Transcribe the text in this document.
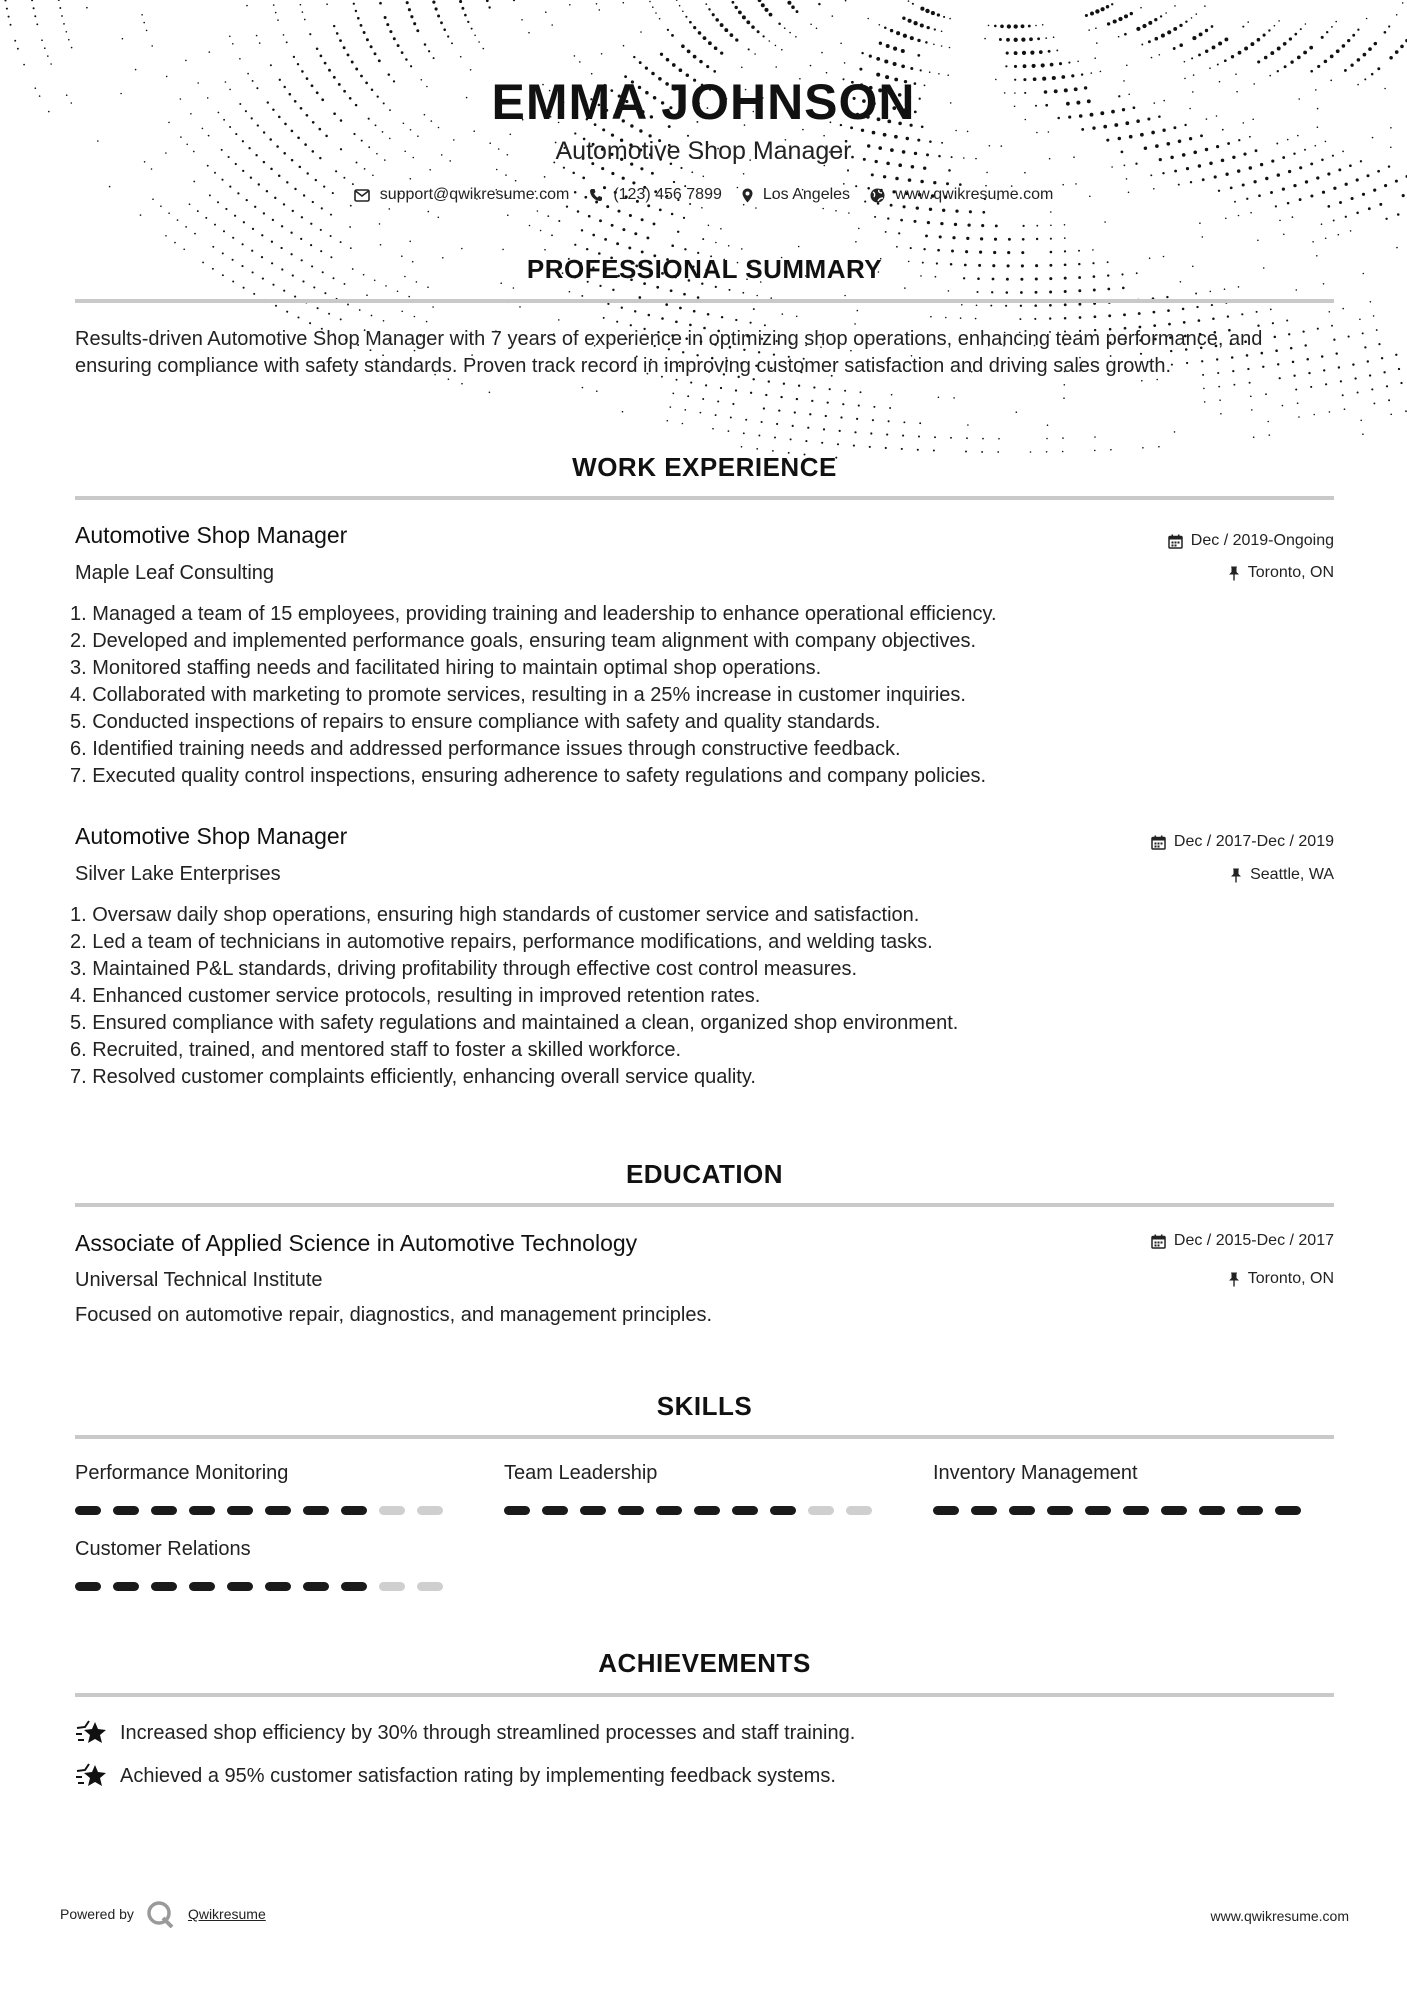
EMMA JOHNSON
Automotive Shop Manager
support@qwikresume.com	(123) 456 7899	Los Angeles	www.qwikresume.com
PROFESSIONAL SUMMARY
Results-driven Automotive Shop Manager with 7 years of experience in optimizing shop operations, enhancing team performance, and ensuring compliance with safety standards. Proven track record in improving customer satisfaction and driving sales growth.
WORK EXPERIENCE
Automotive Shop Manager
Maple Leaf Consulting
Dec / 2019-Ongoing
Toronto, ON
1. Managed a team of 15 employees, providing training and leadership to enhance operational efficiency.
2. Developed and implemented performance goals, ensuring team alignment with company objectives.
3. Monitored staffing needs and facilitated hiring to maintain optimal shop operations.
4. Collaborated with marketing to promote services, resulting in a 25% increase in customer inquiries.
5. Conducted inspections of repairs to ensure compliance with safety and quality standards.
6. Identified training needs and addressed performance issues through constructive feedback.
7. Executed quality control inspections, ensuring adherence to safety regulations and company policies.
Automotive Shop Manager
Silver Lake Enterprises
Dec / 2017-Dec / 2019
Seattle, WA
1. Oversaw daily shop operations, ensuring high standards of customer service and satisfaction.
2. Led a team of technicians in automotive repairs, performance modifications, and welding tasks.
3. Maintained P&L standards, driving profitability through effective cost control measures.
4. Enhanced customer service protocols, resulting in improved retention rates.
5. Ensured compliance with safety regulations and maintained a clean, organized shop environment.
6. Recruited, trained, and mentored staff to foster a skilled workforce.
7. Resolved customer complaints efficiently, enhancing overall service quality.
EDUCATION
Associate of Applied Science in Automotive Technology
Universal Technical Institute
Dec / 2015-Dec / 2017
Toronto, ON
Focused on automotive repair, diagnostics, and management principles.
SKILLS
Performance Monitoring	Team Leadership	Inventory Management
Customer Relations
ACHIEVEMENTS
Increased shop efficiency by 30% through streamlined processes and staff training.
Achieved a 95% customer satisfaction rating by implementing feedback systems.
Powered by	Qwikresume	www.qwikresume.com
